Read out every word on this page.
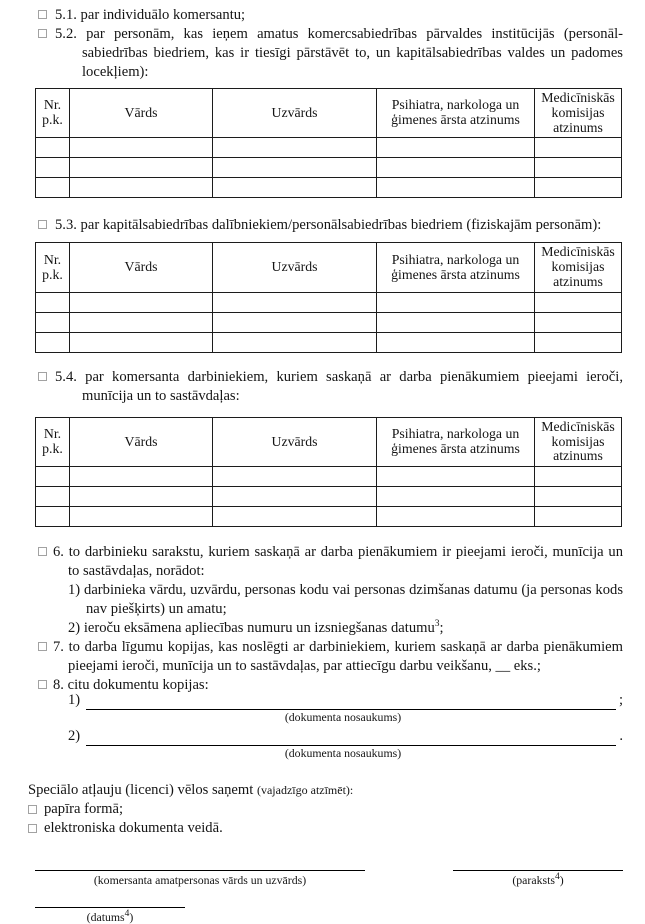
5.1. par individuālo komersantu;

5.2. par personām, kas ieņem amatus komercsabiedrības pārvaldes institūcijās (personāl-sabiedrības biedriem, kas ir tiesīgi pārstāvēt to, un kapitālsabiedrības valdes un padomes locekļiem):

Nr. p.k.	Vārds	Uzvārds	Psihiatra, narkologa un ģimenes ārsta atzinums	Medicīniskās komisijas atzinums

5.3. par kapitālsabiedrības dalībniekiem/personālsabiedrības biedriem (fiziskajām personām):

Nr. p.k.	Vārds	Uzvārds	Psihiatra, narkologa un ģimenes ārsta atzinums	Medicīniskās komisijas atzinums

5.4. par komersanta darbiniekiem, kuriem saskaņā ar darba pienākumiem pieejami ieroči, munīcija un to sastāvdaļas:

Nr. p.k.	Vārds	Uzvārds	Psihiatra, narkologa un ģimenes ārsta atzinums	Medicīniskās komisijas atzinums

6. to darbinieku sarakstu, kuriem saskaņā ar darba pienākumiem ir pieejami ieroči, munīcija un to sastāvdaļas, norādot:

1) darbinieka vārdu, uzvārdu, personas kodu vai personas dzimšanas datumu (ja personas kods nav piešķirts) un amatu;

2) ieroču eksāmena apliecības numuru un izsniegšanas datumu$^3$;

7. to darba līgumu kopijas, kas noslēgti ar darbiniekiem, kuriem saskaņā ar darba pienākumiem pieejami ieroči, munīcija un to sastāvdaļas, par attiecīgu darbu veikšanu, __ eks.;

8. citu dokumentu kopijas:

1)	;
(dokumenta nosaukums)
2)	.
(dokumenta nosaukums)

Speciālo atļauju (licenci) vēlos saņemt (vajadzīgo atzīmēt):

papīra formā;
elektroniska dokumenta veidā.
(komersanta amatpersonas vārds un uzvārds)	(paraksts$^4$)
(datums$^4$)
